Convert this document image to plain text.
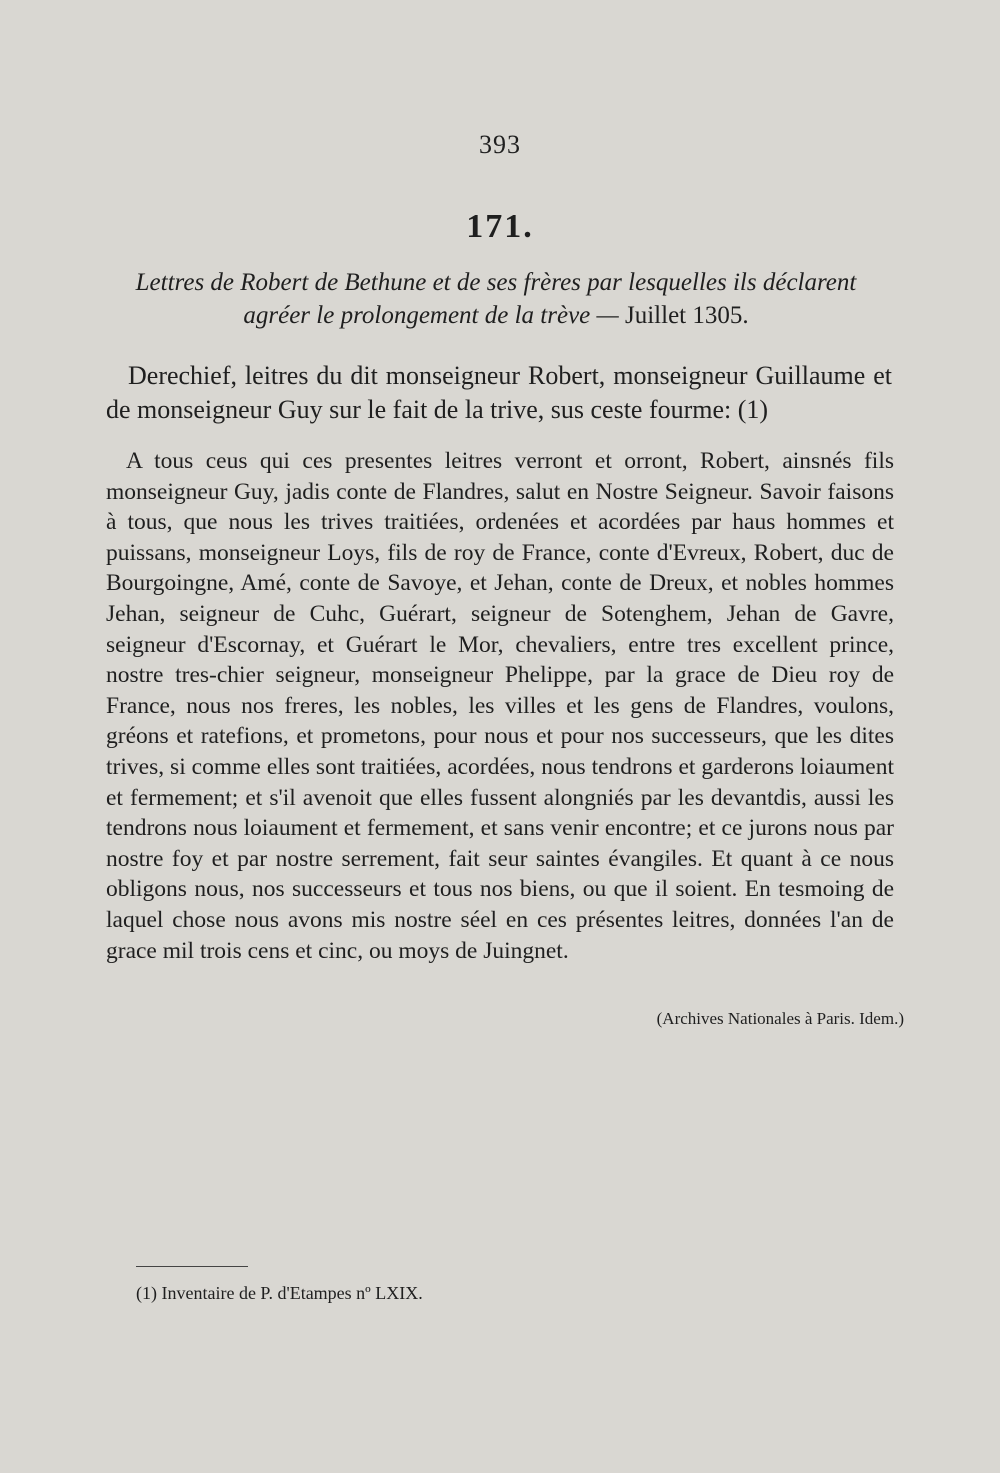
393
171.
Lettres de Robert de Bethune et de ses frères par lesquelles ils déclarent agréer le prolongement de la trève — Juillet 1305.

Derechief, leitres du dit monseigneur Robert, monseigneur Guillaume et de monseigneur Guy sur le fait de la trive, sus ceste fourme: (1)

A tous ceus qui ces presentes leitres verront et orront, Robert, ainsnés fils monseigneur Guy, jadis conte de Flandres, salut en Nostre Seigneur. Savoir faisons à tous, que nous les trives traitiées, ordenées et acordées par haus hommes et puissans, monseigneur Loys, fils de roy de France, conte d'Evreux, Robert, duc de Bourgoingne, Amé, conte de Savoye, et Jehan, conte de Dreux, et nobles hommes Jehan, seigneur de Cuhc, Guérart, seigneur de Sotenghem, Jehan de Gavre, seigneur d'Escornay, et Guérart le Mor, chevaliers, entre tres excellent prince, nostre tres-chier seigneur, monseigneur Phelippe, par la grace de Dieu roy de France, nous nos freres, les nobles, les villes et les gens de Flandres, voulons, gréons et ratefions, et prometons, pour nous et pour nos successeurs, que les dites trives, si comme elles sont traitiées, acordées, nous tendrons et garderons loiaument et fermement; et s'il avenoit que elles fussent alongniés par les devantdis, aussi les tendrons nous loiaument et fermement, et sans venir encontre; et ce jurons nous par nostre foy et par nostre serrement, fait seur saintes évangiles. Et quant à ce nous obligons nous, nos successeurs et tous nos biens, ou que il soient. En tesmoing de laquel chose nous avons mis nostre séel en ces présentes leitres, données l'an de grace mil trois cens et cinc, ou moys de Juingnet.

(Archives Nationales à Paris. Idem.)
(1) Inventaire de P. d'Etampes nº LXIX.
